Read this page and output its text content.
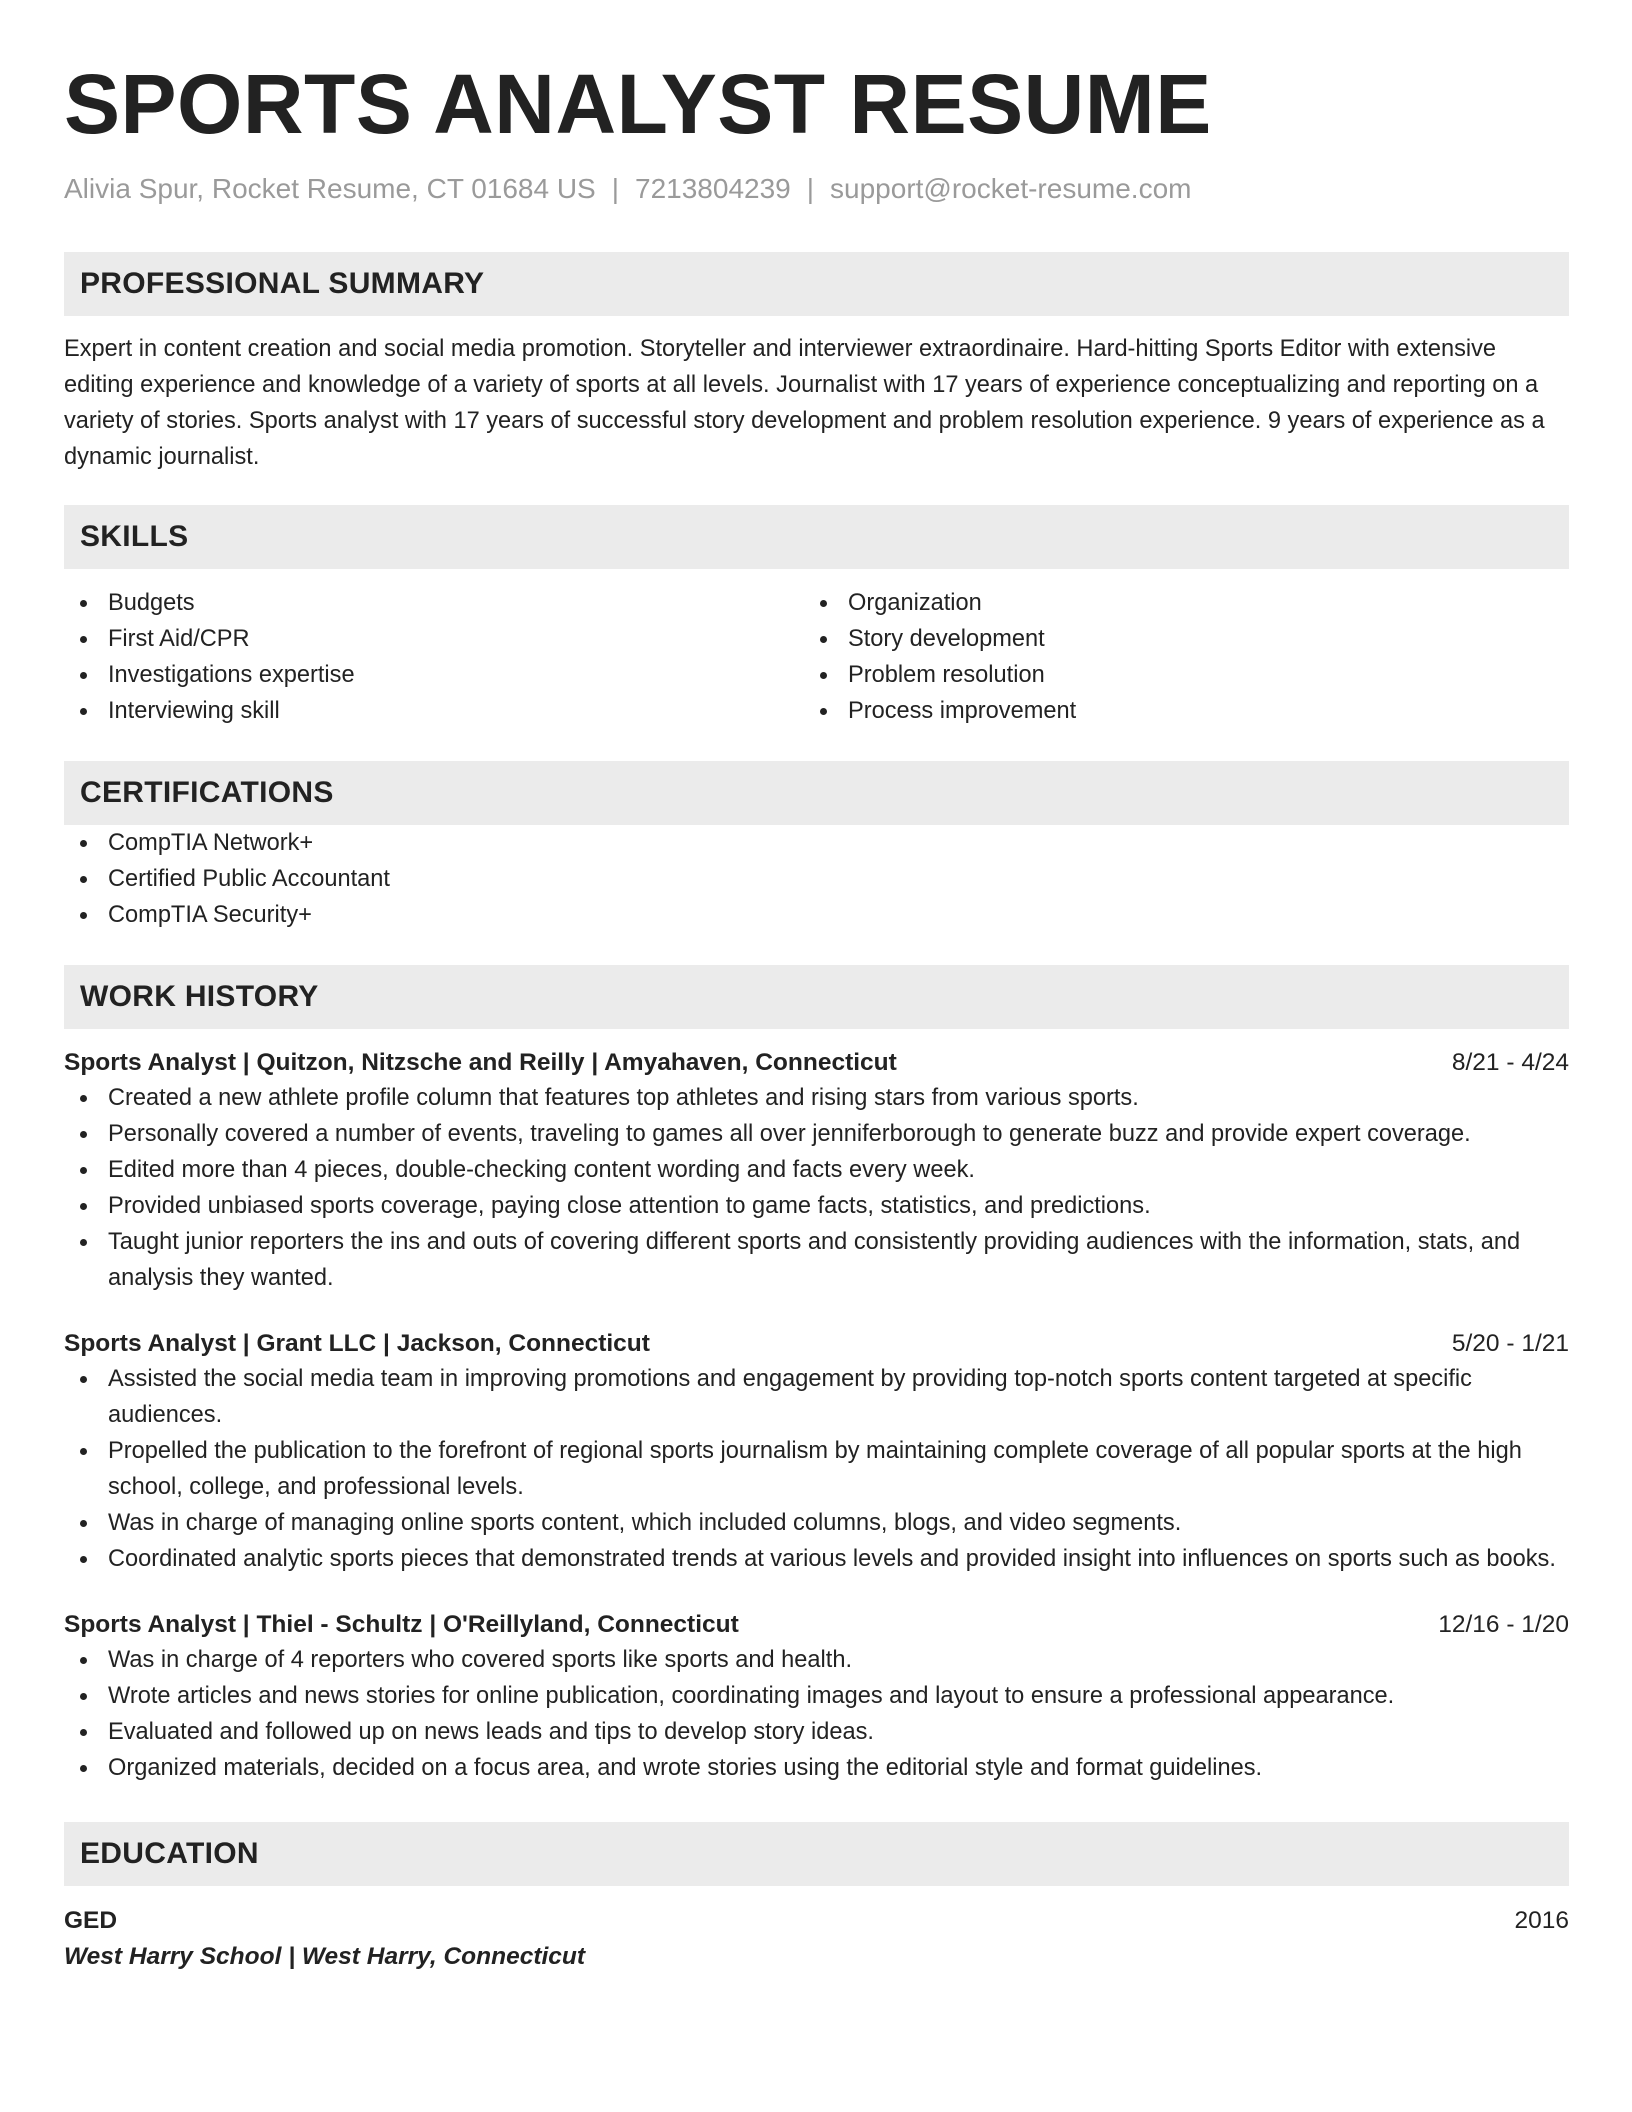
SPORTS ANALYST RESUME
Alivia Spur, Rocket Resume, CT 01684 US | 7213804239 | support@rocket-resume.com
PROFESSIONAL SUMMARY

Expert in content creation and social media promotion. Storyteller and interviewer extraordinaire. Hard-hitting Sports Editor with extensive editing experience and knowledge of a variety of sports at all levels. Journalist with 17 years of experience conceptualizing and reporting on a variety of stories. Sports analyst with 17 years of successful story development and problem resolution experience. 9 years of experience as a dynamic journalist.

SKILLS
Budgets
First Aid/CPR
Investigations expertise
Interviewing skill
Organization
Story development
Problem resolution
Process improvement
CERTIFICATIONS
CompTIA Network+
Certified Public Accountant
CompTIA Security+
WORK HISTORY
Sports Analyst | Quitzon, Nitzsche and Reilly | Amyahaven, Connecticut	8/21 - 4/24
Created a new athlete profile column that features top athletes and rising stars from various sports.
Personally covered a number of events, traveling to games all over jenniferborough to generate buzz and provide expert coverage.
Edited more than 4 pieces, double-checking content wording and facts every week.
Provided unbiased sports coverage, paying close attention to game facts, statistics, and predictions.
Taught junior reporters the ins and outs of covering different sports and consistently providing audiences with the information, stats, and analysis they wanted.
Sports Analyst | Grant LLC | Jackson, Connecticut	5/20 - 1/21
Assisted the social media team in improving promotions and engagement by providing top-notch sports content targeted at specific audiences.
Propelled the publication to the forefront of regional sports journalism by maintaining complete coverage of all popular sports at the high school, college, and professional levels.
Was in charge of managing online sports content, which included columns, blogs, and video segments.
Coordinated analytic sports pieces that demonstrated trends at various levels and provided insight into influences on sports such as books.
Sports Analyst | Thiel - Schultz | O'Reillyland, Connecticut	12/16 - 1/20
Was in charge of 4 reporters who covered sports like sports and health.
Wrote articles and news stories for online publication, coordinating images and layout to ensure a professional appearance.
Evaluated and followed up on news leads and tips to develop story ideas.
Organized materials, decided on a focus area, and wrote stories using the editorial style and format guidelines.
EDUCATION
GED	2016
West Harry School | West Harry, Connecticut
